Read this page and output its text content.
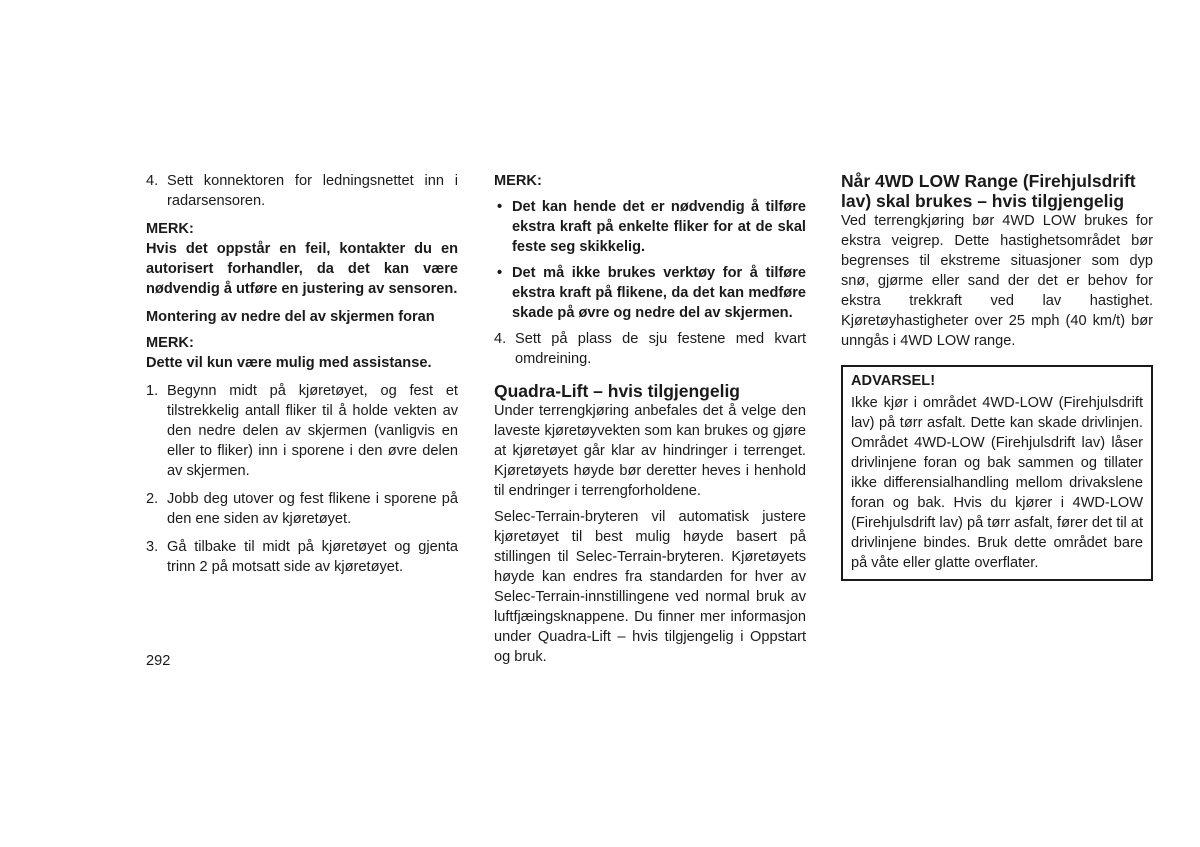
4. Sett konnektoren for ledningsnettet inn i radarsensoren.
MERK:
Hvis det oppstår en feil, kontakter du en autorisert forhandler, da det kan være nødvendig å utføre en justering av sensoren.
Montering av nedre del av skjermen foran
MERK:
Dette vil kun være mulig med assistanse.
1. Begynn midt på kjøretøyet, og fest et tilstrekkelig antall fliker til å holde vekten av den nedre delen av skjermen (vanligvis en eller to fliker) inn i sporene i den øvre delen av skjermen.
2. Jobb deg utover og fest flikene i sporene på den ene siden av kjøretøyet.
3. Gå tilbake til midt på kjøretøyet og gjenta trinn 2 på motsatt side av kjøretøyet.
MERK:
• Det kan hende det er nødvendig å tilføre ekstra kraft på enkelte fliker for at de skal feste seg skikkelig.
• Det må ikke brukes verktøy for å tilføre ekstra kraft på flikene, da det kan medføre skade på øvre og nedre del av skjermen.
4. Sett på plass de sju festene med kvart omdreining.
Quadra-Lift – hvis tilgjengelig
Under terrengkjøring anbefales det å velge den laveste kjøretøyvekten som kan brukes og gjøre at kjøretøyet går klar av hindringer i terrenget. Kjøretøyets høyde bør deretter heves i henhold til endringer i terrengforholdene.
Selec-Terrain-bryteren vil automatisk justere kjøretøyet til best mulig høyde basert på stillingen til Selec-Terrain-bryteren. Kjøretøyets høyde kan endres fra standarden for hver av Selec-Terrain-innstillingene ved normal bruk av luftfjæingsknappene. Du finner mer informasjon under Quadra-Lift – hvis tilgjengelig i Oppstart og bruk.
Når 4WD LOW Range (Firehjulsdrift lav) skal brukes – hvis tilgjengelig
Ved terrengkjøring bør 4WD LOW brukes for ekstra veigrep. Dette hastighetsområdet bør begrenses til ekstreme situasjoner som dyp snø, gjørme eller sand der det er behov for ekstra trekkraft ved lav hastighet. Kjøretøyhastigheter over 25 mph (40 km/t) bør unngås i 4WD LOW range.
ADVARSEL!
Ikke kjør i området 4WD-LOW (Firehjulsdrift lav) på tørr asfalt. Dette kan skade drivlinjen. Området 4WD-LOW (Firehjulsdrift lav) låser drivlinjene foran og bak sammen og tillater ikke differensialhandling mellom drivakslene foran og bak. Hvis du kjører i 4WD-LOW (Firehjulsdrift lav) på tørr asfalt, fører det til at drivlinjene bindes. Bruk dette området bare på våte eller glatte overflater.
292
